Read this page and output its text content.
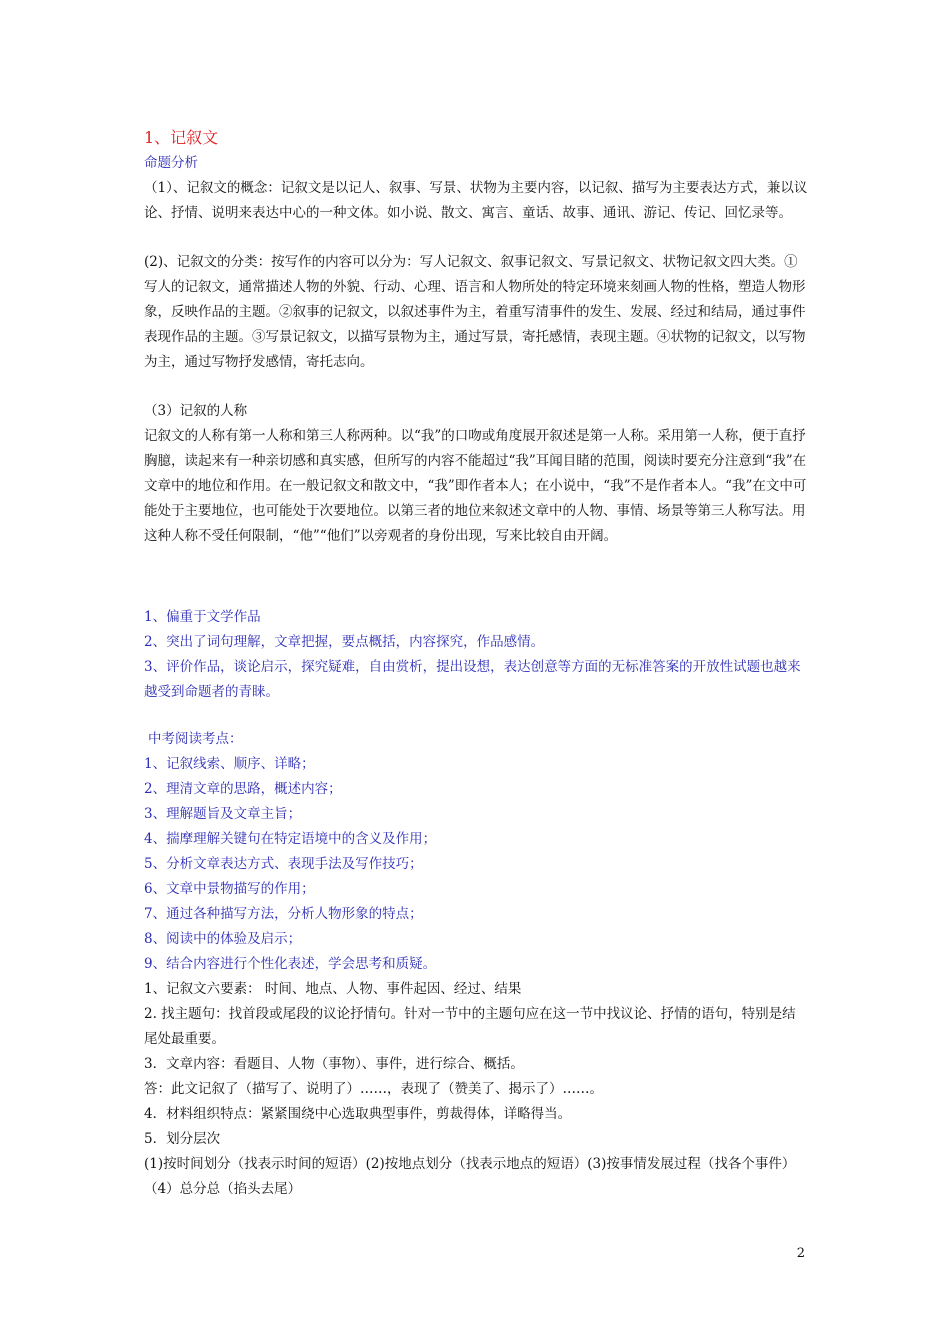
1、记叙文

命题分析

（1）、记叙文的概念：记叙文是以记人、叙事、写景、状物为主要内容，以记叙、描写为主要表达方式，兼以议论、抒情、说明来表达中心的一种文体。如小说、散文、寓言、童话、故事、通讯、游记、传记、回忆录等。

(2)、记叙文的分类：按写作的内容可以分为：写人记叙文、叙事记叙文、写景记叙文、状物记叙文四大类。①写人的记叙文，通常描述人物的外貌、行动、心理、语言和人物所处的特定环境来刻画人物的性格，塑造人物形象，反映作品的主题。②叙事的记叙文，以叙述事件为主，着重写清事件的发生、发展、经过和结局，通过事件表现作品的主题。③写景记叙文，以描写景物为主，通过写景，寄托感情，表现主题。④状物的记叙文，以写物为主，通过写物抒发感情，寄托志向。

（3）记叙的人称

记叙文的人称有第一人称和第三人称两种。以“我”的口吻或角度展开叙述是第一人称。采用第一人称，便于直抒胸臆，读起来有一种亲切感和真实感，但所写的内容不能超过“我”耳闻目睹的范围，阅读时要充分注意到“我”在文章中的地位和作用。在一般记叙文和散文中，“我”即作者本人；在小说中，“我”不是作者本人。“我”在文中可能处于主要地位，也可能处于次要地位。以第三者的地位来叙述文章中的人物、事情、场景等第三人称写法。用这种人称不受任何限制，“他”“他们”以旁观者的身份出现，写来比较自由开阔。

1、偏重于文学作品

2、突出了词句理解，文章把握，要点概括，内容探究，作品感情。

3、评价作品，谈论启示，探究疑难，自由赏析，提出设想，表达创意等方面的无标准答案的开放性试题也越来越受到命题者的青睐。

中考阅读考点：

1、记叙线索、顺序、详略；

2、理清文章的思路，概述内容；

3、理解题旨及文章主旨；

4、揣摩理解关键句在特定语境中的含义及作用；

5、分析文章表达方式、表现手法及写作技巧；

6、文章中景物描写的作用；

7、通过各种描写方法，分析人物形象的特点；

8、阅读中的体验及启示；

9、结合内容进行个性化表述，学会思考和质疑。

1、记叙文六要素： 时间、地点、人物、事件起因、经过、结果

2. 找主题句：找首段或尾段的议论抒情句。针对一节中的主题句应在这一节中找议论、抒情的语句，特别是结尾处最重要。

3．文章内容：看题目、人物（事物）、事件，进行综合、概括。

答：此文记叙了（描写了、说明了）……，表现了（赞美了、揭示了）……。

4．材料组织特点：紧紧围绕中心选取典型事件，剪裁得体，详略得当。

5．划分层次

(1)按时间划分（找表示时间的短语）(2)按地点划分（找表示地点的短语）(3)按事情发展过程（找各个事件）（4）总分总（掐头去尾）

2
